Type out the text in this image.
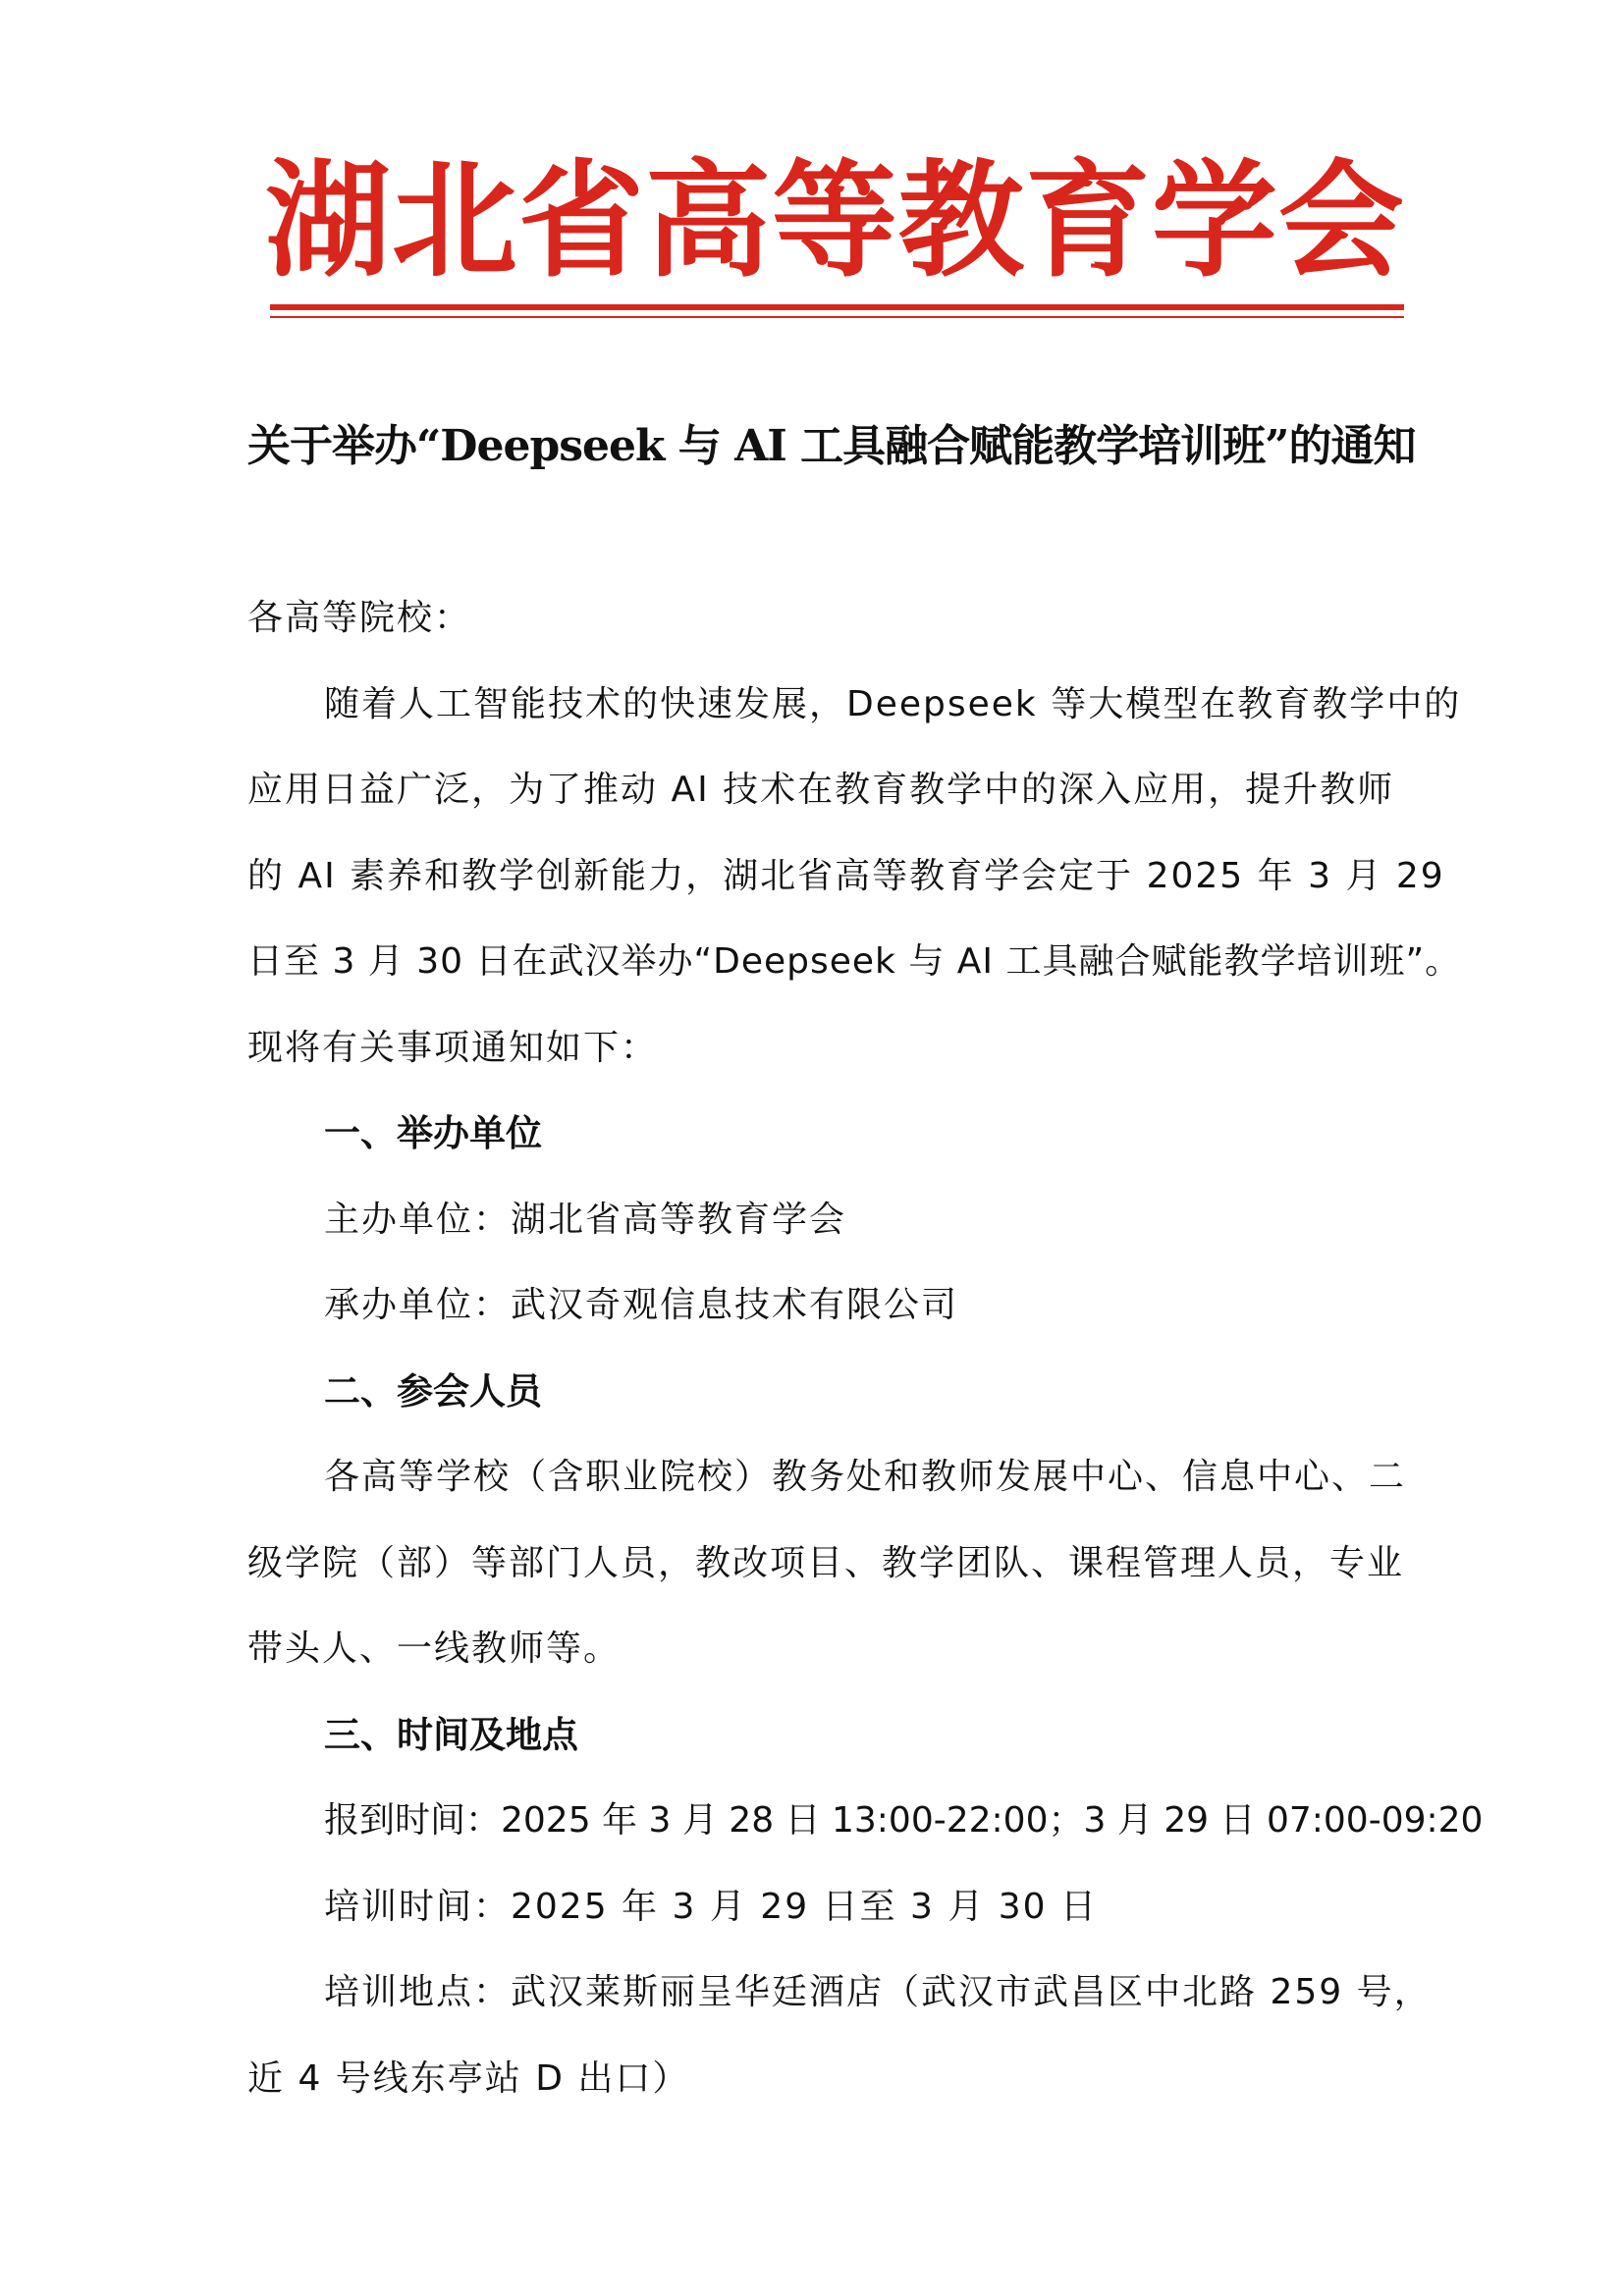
湖 北 省 高 等 教 育 学 会
关于举办“Deepseek 与 AI 工具融合赋能教学培训班”的通知
各高等院校：
随着人工智能技术的快速发展，Deepseek 等大模型在教育教学中的
应用日益广泛，为了推动 AI 技术在教育教学中的深入应用，提升教师
的 AI 素养和教学创新能力，湖北省高等教育学会定于 2025 年 3 月 29
日至 3 月 30 日在武汉举办“Deepseek 与 AI 工具融合赋能教学培训班”。
现将有关事项通知如下：
一、举办单位
主办单位：湖北省高等教育学会
承办单位：武汉奇观信息技术有限公司
二、参会人员
各高等学校（含职业院校）教务处和教师发展中心、信息中心、二
级学院（部）等部门人员，教改项目、教学团队、课程管理人员，专业
带头人、一线教师等。
三、时间及地点
报到时间：2025 年 3 月 28 日 13:00-22:00；3 月 29 日 07:00-09:20
培训时间：2025 年 3 月 29 日至 3 月 30 日
培训地点：武汉莱斯丽呈华廷酒店（武汉市武昌区中北路 259 号，
近 4 号线东亭站 D 出口）
